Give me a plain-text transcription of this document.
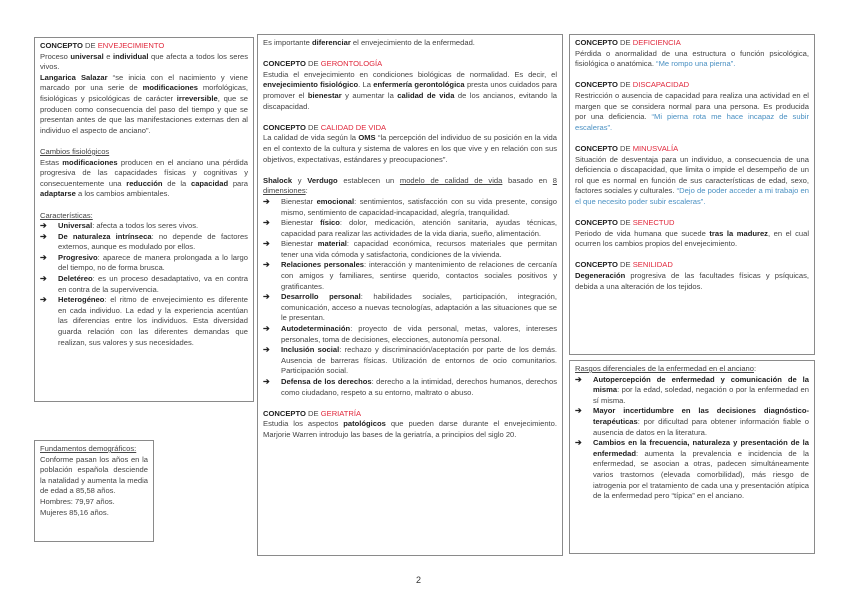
CONCEPTO DE ENVEJECIMIENTO

Proceso universal e individual que afecta a todos los seres vivos.

Langarica Salazar “se inicia con el nacimiento y viene marcado por una serie de modificaciones morfológicas, fisiológicas y psicológicas de carácter irreversible, que se producen como consecuencia del paso del tiempo y que se presentan antes de que las manifestaciones externas den al individuo el aspecto de anciano”.

Cambios fisiológicos

Estas modificaciones producen en el anciano una pérdida progresiva de las capacidades físicas y cognitivas y consecuentemente una reducción de la capacidad para adaptarse a los cambios ambientales.

Características:

➔ Universal: afecta a todos los seres vivos.
➔ De naturaleza intrínseca: no depende de factores externos, aunque es modulado por ellos.
➔ Progresivo: aparece de manera prolongada a lo largo del tiempo, no de forma brusca.
➔ Deletéreo: es un proceso desadaptativo, va en contra en contra de la supervivencia.
➔ Heterogéneo: el ritmo de envejecimiento es diferente en cada individuo. La edad y la experiencia acentúan las diferencias entre los individuos. Esta diversidad guarda relación con las diferentes demandas que realizan, sus valores y sus necesidades.

Fundamentos demográficos:

Conforme pasan los años en la población española desciende la natalidad y aumenta la media de edad a 85,58 años.

Hombres: 79,97 años.

Mujeres 85,16 años.

Es importante diferenciar el envejecimiento de la enfermedad.

CONCEPTO DE GERONTOLOGÍA

Estudia el envejecimiento en condiciones biológicas de normalidad. Es decir, el envejecimiento fisiológico. La enfermería gerontológica presta unos cuidados para promover el bienestar y aumentar la calidad de vida de los ancianos, evitando la discapacidad.

CONCEPTO DE CALIDAD DE VIDA

La calidad de vida según la OMS “la percepción del individuo de su posición en la vida en el contexto de la cultura y sistema de valores en los que vive y en relación con sus objetivos, expectativas, estándares y preocupaciones”.

Shalock y Verdugo establecen un modelo de calidad de vida basado en 8 dimensiones:

➔ Bienestar emocional: sentimientos, satisfacción con su vida presente, consigo mismo, sentimiento de capacidad-incapacidad, alegría, tranquilidad.
➔ Bienestar físico: dolor, medicación, atención sanitaria, ayudas técnicas, capacidad para realizar las actividades de la vida diaria, sueño, alimentación.
➔ Bienestar material: capacidad económica, recursos materiales que permitan tener una vida cómoda y satisfactoria, condiciones de la vivienda.
➔ Relaciones personales: interacción y mantenimiento de relaciones de cercanía con amigos y familiares, sentirse querido, contactos sociales positivos y gratificantes.
➔ Desarrollo personal: habilidades sociales, participación, integración, comunicación, acceso a nuevas tecnologías, adaptación a las situaciones que se le presentan.
➔ Autodeterminación: proyecto de vida personal, metas, valores, intereses personales, toma de decisiones, elecciones, autonomía personal.
➔ Inclusión social: rechazo y discriminación/aceptación por parte de los demás. Ausencia de barreras físicas. Utilización de entornos de ocio comunitarios. Participación social.
➔ Defensa de los derechos: derecho a la intimidad, derechos humanos, derechos como ciudadano, respeto a su entorno, maltrato o abuso.

CONCEPTO DE GERIATRÍA

Estudia los aspectos patológicos que pueden darse durante el envejecimiento. Marjorie Warren introdujo las bases de la geriatría, a principios del siglo 20.

CONCEPTO DE DEFICIENCIA

Pérdida o anormalidad de una estructura o función psicológica, fisiológica o anatómica. “Me rompo una pierna”.

CONCEPTO DE DISCAPACIDAD

Restricción o ausencia de capacidad para realiza una actividad en el margen que se considera normal para una persona. Es producida por una deficiencia. “Mi pierna rota me hace incapaz de subir escaleras”.

CONCEPTO DE MINUSVALÍA

Situación de desventaja para un individuo, a consecuencia de una deficiencia o discapacidad, que limita o impide el desempeño de un rol que es normal en función de sus características de edad, sexo, factores sociales y culturales. “Dejo de poder acceder a mi trabajo en el que necesito poder subir escaleras”.

CONCEPTO DE SENECTUD

Periodo de vida humana que sucede tras la madurez, en el cual ocurren los cambios propios del envejecimiento.

CONCEPTO DE SENILIDAD

Degeneración progresiva de las facultades físicas y psíquicas, debida a una alteración de los tejidos.

Rasgos diferenciales de la enfermedad en el anciano:

➔ Autopercepción de enfermedad y comunicación de la misma: por la edad, soledad, negación o por la enfermedad en sí misma.
➔ Mayor incertidumbre en las decisiones diagnóstico-terapéuticas: por dificultad para obtener información fiable o ausencia de datos en la literatura.
➔ Cambios en la frecuencia, naturaleza y presentación de la enfermedad: aumenta la prevalencia e incidencia de la enfermedad, se asocian a otras, padecen simultáneamente varios trastornos (elevada comorbilidad), más riesgo de iatrogenia por el tratamiento de cada una y presentación atípica de la enfermedad pero “típica” en el anciano.
2
